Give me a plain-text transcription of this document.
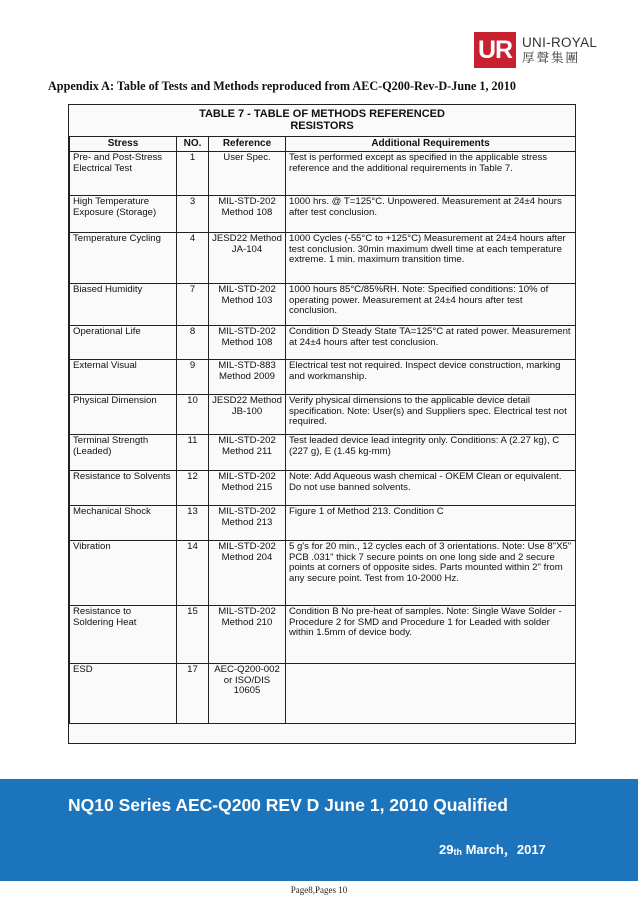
UR UNI-ROYAL
厚聲集團
Appendix A: Table of Tests and Methods reproduced from AEC-Q200-Rev-D-June 1, 2010
TABLE 7 - TABLE OF METHODS REFERENCED
RESISTORS
Stress	NO.	Reference	Additional Requirements
Pre- and Post-Stress Electrical Test	1	User Spec.	Test is performed except as specified in the applicable stress reference and the additional requirements in Table 7.
High Temperature Exposure (Storage)	3	MIL-STD-202 Method 108	1000 hrs. @ T=125°C. Unpowered. Measurement at 24±4 hours after test conclusion.
Temperature Cycling	4	JESD22 Method JA-104	1000 Cycles (-55°C to +125°C) Measurement at 24±4 hours after test conclusion. 30min maximum dwell time at each temperature extreme. 1 min. maximum transition time.
Biased Humidity	7	MIL-STD-202 Method 103	1000 hours 85°C/85%RH. Note: Specified conditions: 10% of operating power. Measurement at 24±4 hours after test conclusion.
Operational Life	8	MIL-STD-202 Method 108	Condition D Steady State TA=125°C at rated power. Measurement at 24±4 hours after test conclusion.
External Visual	9	MIL-STD-883 Method 2009	Electrical test not required. Inspect device construction, marking and workmanship.
Physical Dimension	10	JESD22 Method JB-100	Verify physical dimensions to the applicable device detail specification. Note: User(s) and Suppliers spec. Electrical test not required.
Terminal Strength (Leaded)	11	MIL-STD-202 Method 211	Test leaded device lead integrity only. Conditions: A (2.27 kg), C (227 g), E (1.45 kg-mm)
Resistance to Solvents	12	MIL-STD-202 Method 215	Note: Add Aqueous wash chemical - OKEM Clean or equivalent. Do not use banned solvents.
Mechanical Shock	13	MIL-STD-202 Method 213	Figure 1 of Method 213. Condition C
Vibration	14	MIL-STD-202 Method 204	5 g's for 20 min., 12 cycles each of 3 orientations. Note: Use 8"X5" PCB .031" thick 7 secure points on one long side and 2 secure points at corners of opposite sides. Parts mounted within 2" from any secure point. Test from 10-2000 Hz.
Resistance to Soldering Heat	15	MIL-STD-202 Method 210	Condition B No pre-heat of samples. Note: Single Wave Solder - Procedure 2 for SMD and Procedure 1 for Leaded with solder within 1.5mm of device body.
ESD	17	AEC-Q200-002 or ISO/DIS 10605	
NQ10 Series AEC-Q200 REV D June 1, 2010 Qualified
$29_{th}$ March，2017
Page8,Pages 10
